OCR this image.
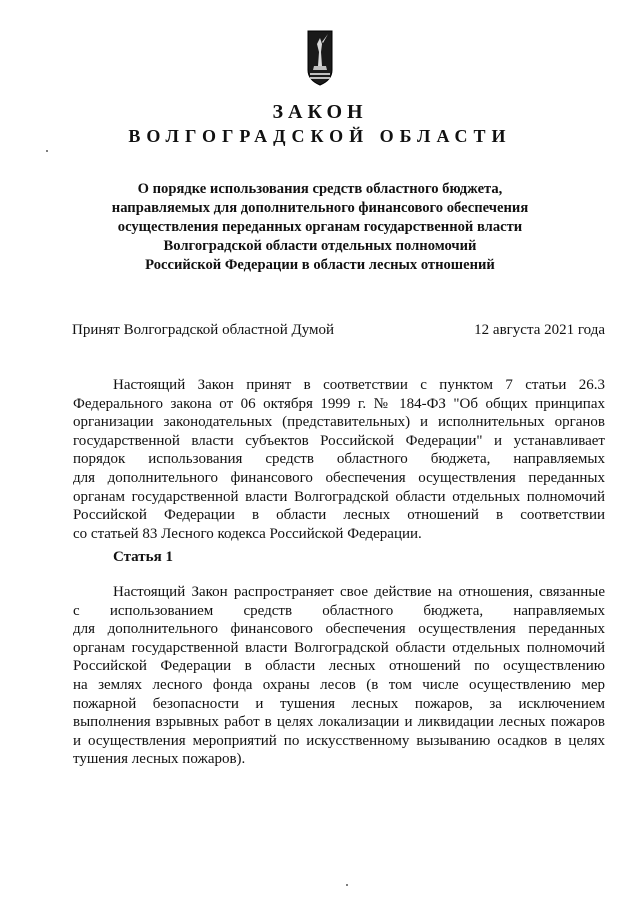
ЗАКОН
ВОЛГОГРАДСКОЙ ОБЛАСТИ
О порядке использования средств областного бюджета,
направляемых для дополнительного финансового обеспечения
осуществления переданных органам государственной власти
Волгоградской области отдельных полномочий
Российской Федерации в области лесных отношений
Принят Волгоградской областной Думой	12 августа 2021 года
Настоящий Закон принят в соответствии с пунктом 7 статьи 26.3
Федерального закона от 06 октября 1999 г. № 184-ФЗ "Об общих принципах
организации законодательных (представительных) и исполнительных органов
государственной власти субъектов Российской Федерации" и устанавливает
порядок использования средств областного бюджета, направляемых
для дополнительного финансового обеспечения осуществления переданных
органам государственной власти Волгоградской области отдельных полномочий
Российской Федерации в области лесных отношений в соответствии
со статьей 83 Лесного кодекса Российской Федерации.
Статья 1
Настоящий Закон распространяет свое действие на отношения, связанные
с использованием средств областного бюджета, направляемых
для дополнительного финансового обеспечения осуществления переданных
органам государственной власти Волгоградской области отдельных полномочий
Российской Федерации в области лесных отношений по осуществлению
на землях лесного фонда охраны лесов (в том числе осуществлению мер
пожарной безопасности и тушения лесных пожаров, за исключением
выполнения взрывных работ в целях локализации и ликвидации лесных пожаров
и осуществления мероприятий по искусственному вызыванию осадков в целях
тушения лесных пожаров).
